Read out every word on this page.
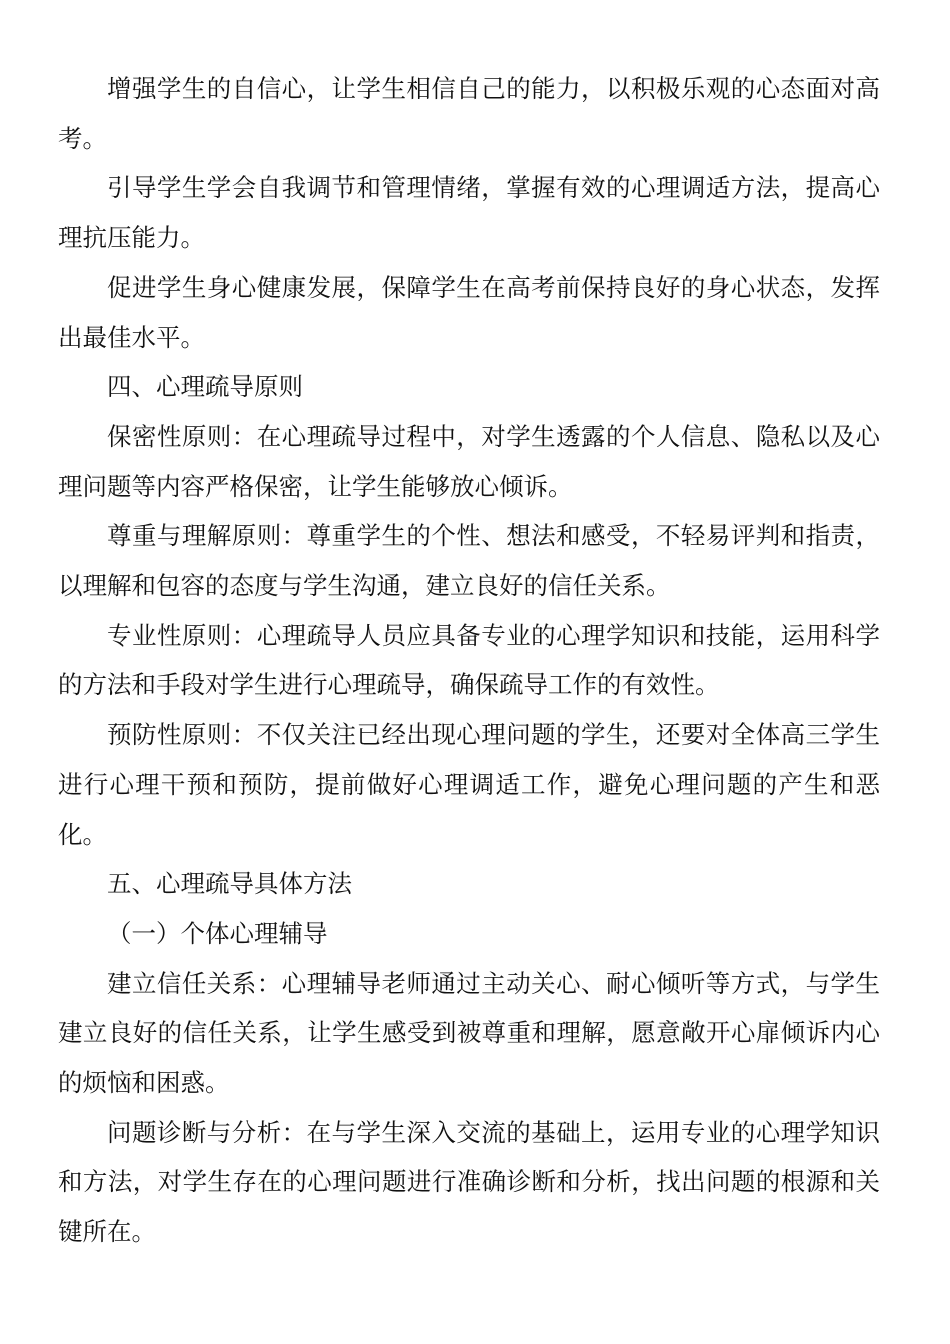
增强学生的自信心，让学生相信自己的能力，以积极乐观的心态面对高考。

引导学生学会自我调节和管理情绪，掌握有效的心理调适方法，提高心理抗压能力。

促进学生身心健康发展，保障学生在高考前保持良好的身心状态，发挥出最佳水平。

四、心理疏导原则

保密性原则：在心理疏导过程中，对学生透露的个人信息、隐私以及心理问题等内容严格保密，让学生能够放心倾诉。

尊重与理解原则：尊重学生的个性、想法和感受，不轻易评判和指责，以理解和包容的态度与学生沟通，建立良好的信任关系。

专业性原则：心理疏导人员应具备专业的心理学知识和技能，运用科学的方法和手段对学生进行心理疏导，确保疏导工作的有效性。

预防性原则：不仅关注已经出现心理问题的学生，还要对全体高三学生进行心理干预和预防，提前做好心理调适工作，避免心理问题的产生和恶化。

五、心理疏导具体方法

（一）个体心理辅导

建立信任关系：心理辅导老师通过主动关心、耐心倾听等方式，与学生建立良好的信任关系，让学生感受到被尊重和理解，愿意敞开心扉倾诉内心的烦恼和困惑。

问题诊断与分析：在与学生深入交流的基础上，运用专业的心理学知识和方法，对学生存在的心理问题进行准确诊断和分析，找出问题的根源和关键所在。
